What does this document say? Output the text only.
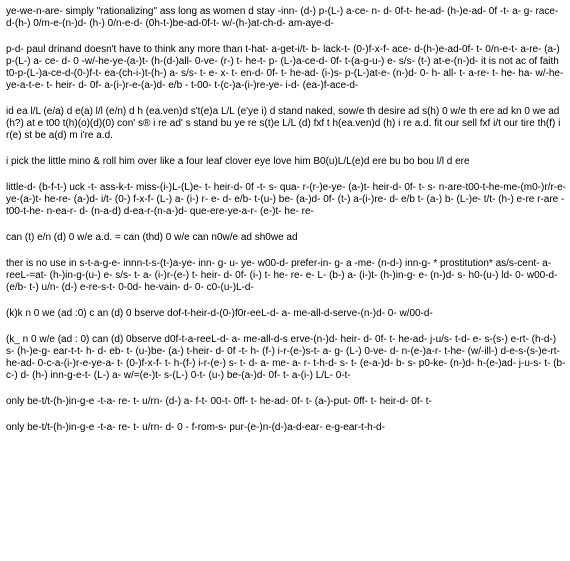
ye-we-n-are- simply "rationalizing" ass long as women d stay -inn- (d-) p-(L-) a-ce- n- d- 0f-t- he-ad- (h-)e-ad- 0f -t- a- g- race- d-(h-) 0/m-e-(n-)d- (h-) 0/n-e-d- (0h-t-)be-ad-0f-t- w/-(h-)at-ch-d- am-aye-d-

p-d- paul drinand doesn't have to think any more than t-hat- a-get-i/t- b- lack-t- (0-)f-x-f- ace- d-(h-)e-ad-0f- t- 0/n-e-t- a-re- (a-) p-(L-) a- ce- d- 0 -w/-he-ye-(a-)t- (h-(d-)all- 0-ve- (r-) t- he-t- p- (L-)a-ce-d- 0f- t-(a-g-u-) e- s/s- (t-) at-e-(n-)d- it is not ac of faith t0-p-(L-)a-ce-d-(0-)f-t- ea-(ch-i-)t-(h-) a- s/s- t- e- x- t- en-d- 0f- t- he-ad- (i-)s- p-(L-)at-e- (n-)d- 0- h- all- t- a-re- t- he- ha- w/-he- ye-a-t-e- t- heir- d- 0f- a-(i-)r-e-(a-)d- e/b - t-00- t-(c-)a-(i-)re-ye- i-d- (ea-)f-ace-d-

id ea l/L (e/a) d e(a) l/l (e/n) d h (ea.ven)d s't(e)a L/L (e'ye i) d stand naked, sow/e th desire ad s(h) 0 w/e th ere ad kn 0 we ad (h?) at e t00 t(h)(o)(d)(0) con' s® i re ad' s stand bu ye re s(t)e L/L (d) fxf t h(ea.ven)d (h) i re a.d. fit our sell fxf i/t our tire th(f) i r(e) st be a(d) m i're a.d.

i pick the little mino & roll him over like a four leaf clover eye love him B0(u)L/L(e)d ere bu bo bou l/l d ere

little-d- (b-f-t-) uck -t- ass-k-t- miss-(i-)L-(L)e- t- heir-d- 0f -t- s- qua- r-(r-)e-ye- (a-)t- heir-d- 0f- t- s- n-are-t00-t-he-me-(m0-)r/r-e-ye-(a-)t- he-re- (a-)d- i/t- (0-) f-x-f- (L-) a- (i-) r- e- d- e/b- t-(u-) be- (a-)d- 0f- (t-) a-(i-)re- d- e/b t- (a-) b- (L-)e- t/t- (h-) e-re r-are -t00-t-he- n-ea-r- d- (n-a-d) d-ea-r-(n-a-)d- que-ere-ye-a-r- (e-)t- he- re-

can (t) e/n (d) 0 w/e a.d. = can (thd) 0 w/e can n0w/e ad sh0we ad

ther is no use in s-t-a-g-e- innn-t-s-(t-)a-ye- inn- g- u- ye- w00-d- prefer-in- g- a -me- (n-d-) inn-g- * prostitution* as/s-cent- a- reeL-=at- (h-)in-g-(u-) e- s/s- t- a- (i-)r-(e-) t- heir- d- 0f- (i-) t- he- re- e- L- (b-) a- (i-)t- (h-)in-g- e- (n-)d- s- h0-(u-) ld- 0- w00-d- (e/b- t-) u/n- (d-) e-re-s-t- 0-0d- he-vain- d- 0- c0-(u-)L-d-

(k)k n 0 we (ad :0) c an (d) 0 bserve dof-t-heir-d-(0-)f0r-eeL-d- a- me-all-d-serve-(n-)d- 0- w/00-d-

(k_ n 0 w/e (ad : 0) can (d) 0bserve d0f-t-a-reeL-d- a- me-all-d-s erve-(n-)d- heir- d- 0f- t- he-ad- j-u/s- t-d- e- s-(s-) e-rt- (h-d-) s- (h-)e-g- ear-t-t- h- d- eb- t- (u-)be- (a-) t-heir- d- 0f -t- h- (f-) i-r-(e-)s-t- a- g- (L-) 0-ve- d- n-(e-)a-r- t-he- (w/-ill-) d-e-s-(s-)e-rt- he-ad- 0-c-a-(i-)r-e-ye-a- t- (0-)f-x-f- t- h-(f-) i-r-(e-) s- t- d- a- me- a- r- t-h-d- s- t- (e-a-)d- b- s- p0-ke- (n-)d- h-(e-)ad- j-u-s- t- (b-c-) d- (h-) inn-g-e-t- (L-) a- w/=(e-)t- s-(L-) 0-t- (u-) be-(a-)d- 0f- t- a-(i-) L/L- 0-t-

only be-t/t-(h-)in-g-e -t-a- re- t- u/rn- (d-) a- f-t- 00-t- 0ff- t- he-ad- 0f- t- (a-)-put- 0ff- t- heir-d- 0f- t-

only be-t/t-(h-)in-g-e -t-a- re- t- u/rn- d- 0 - f-rom-s- pur-(e-)n-(d-)a-d-ear- e-g-ear-t-h-d-
